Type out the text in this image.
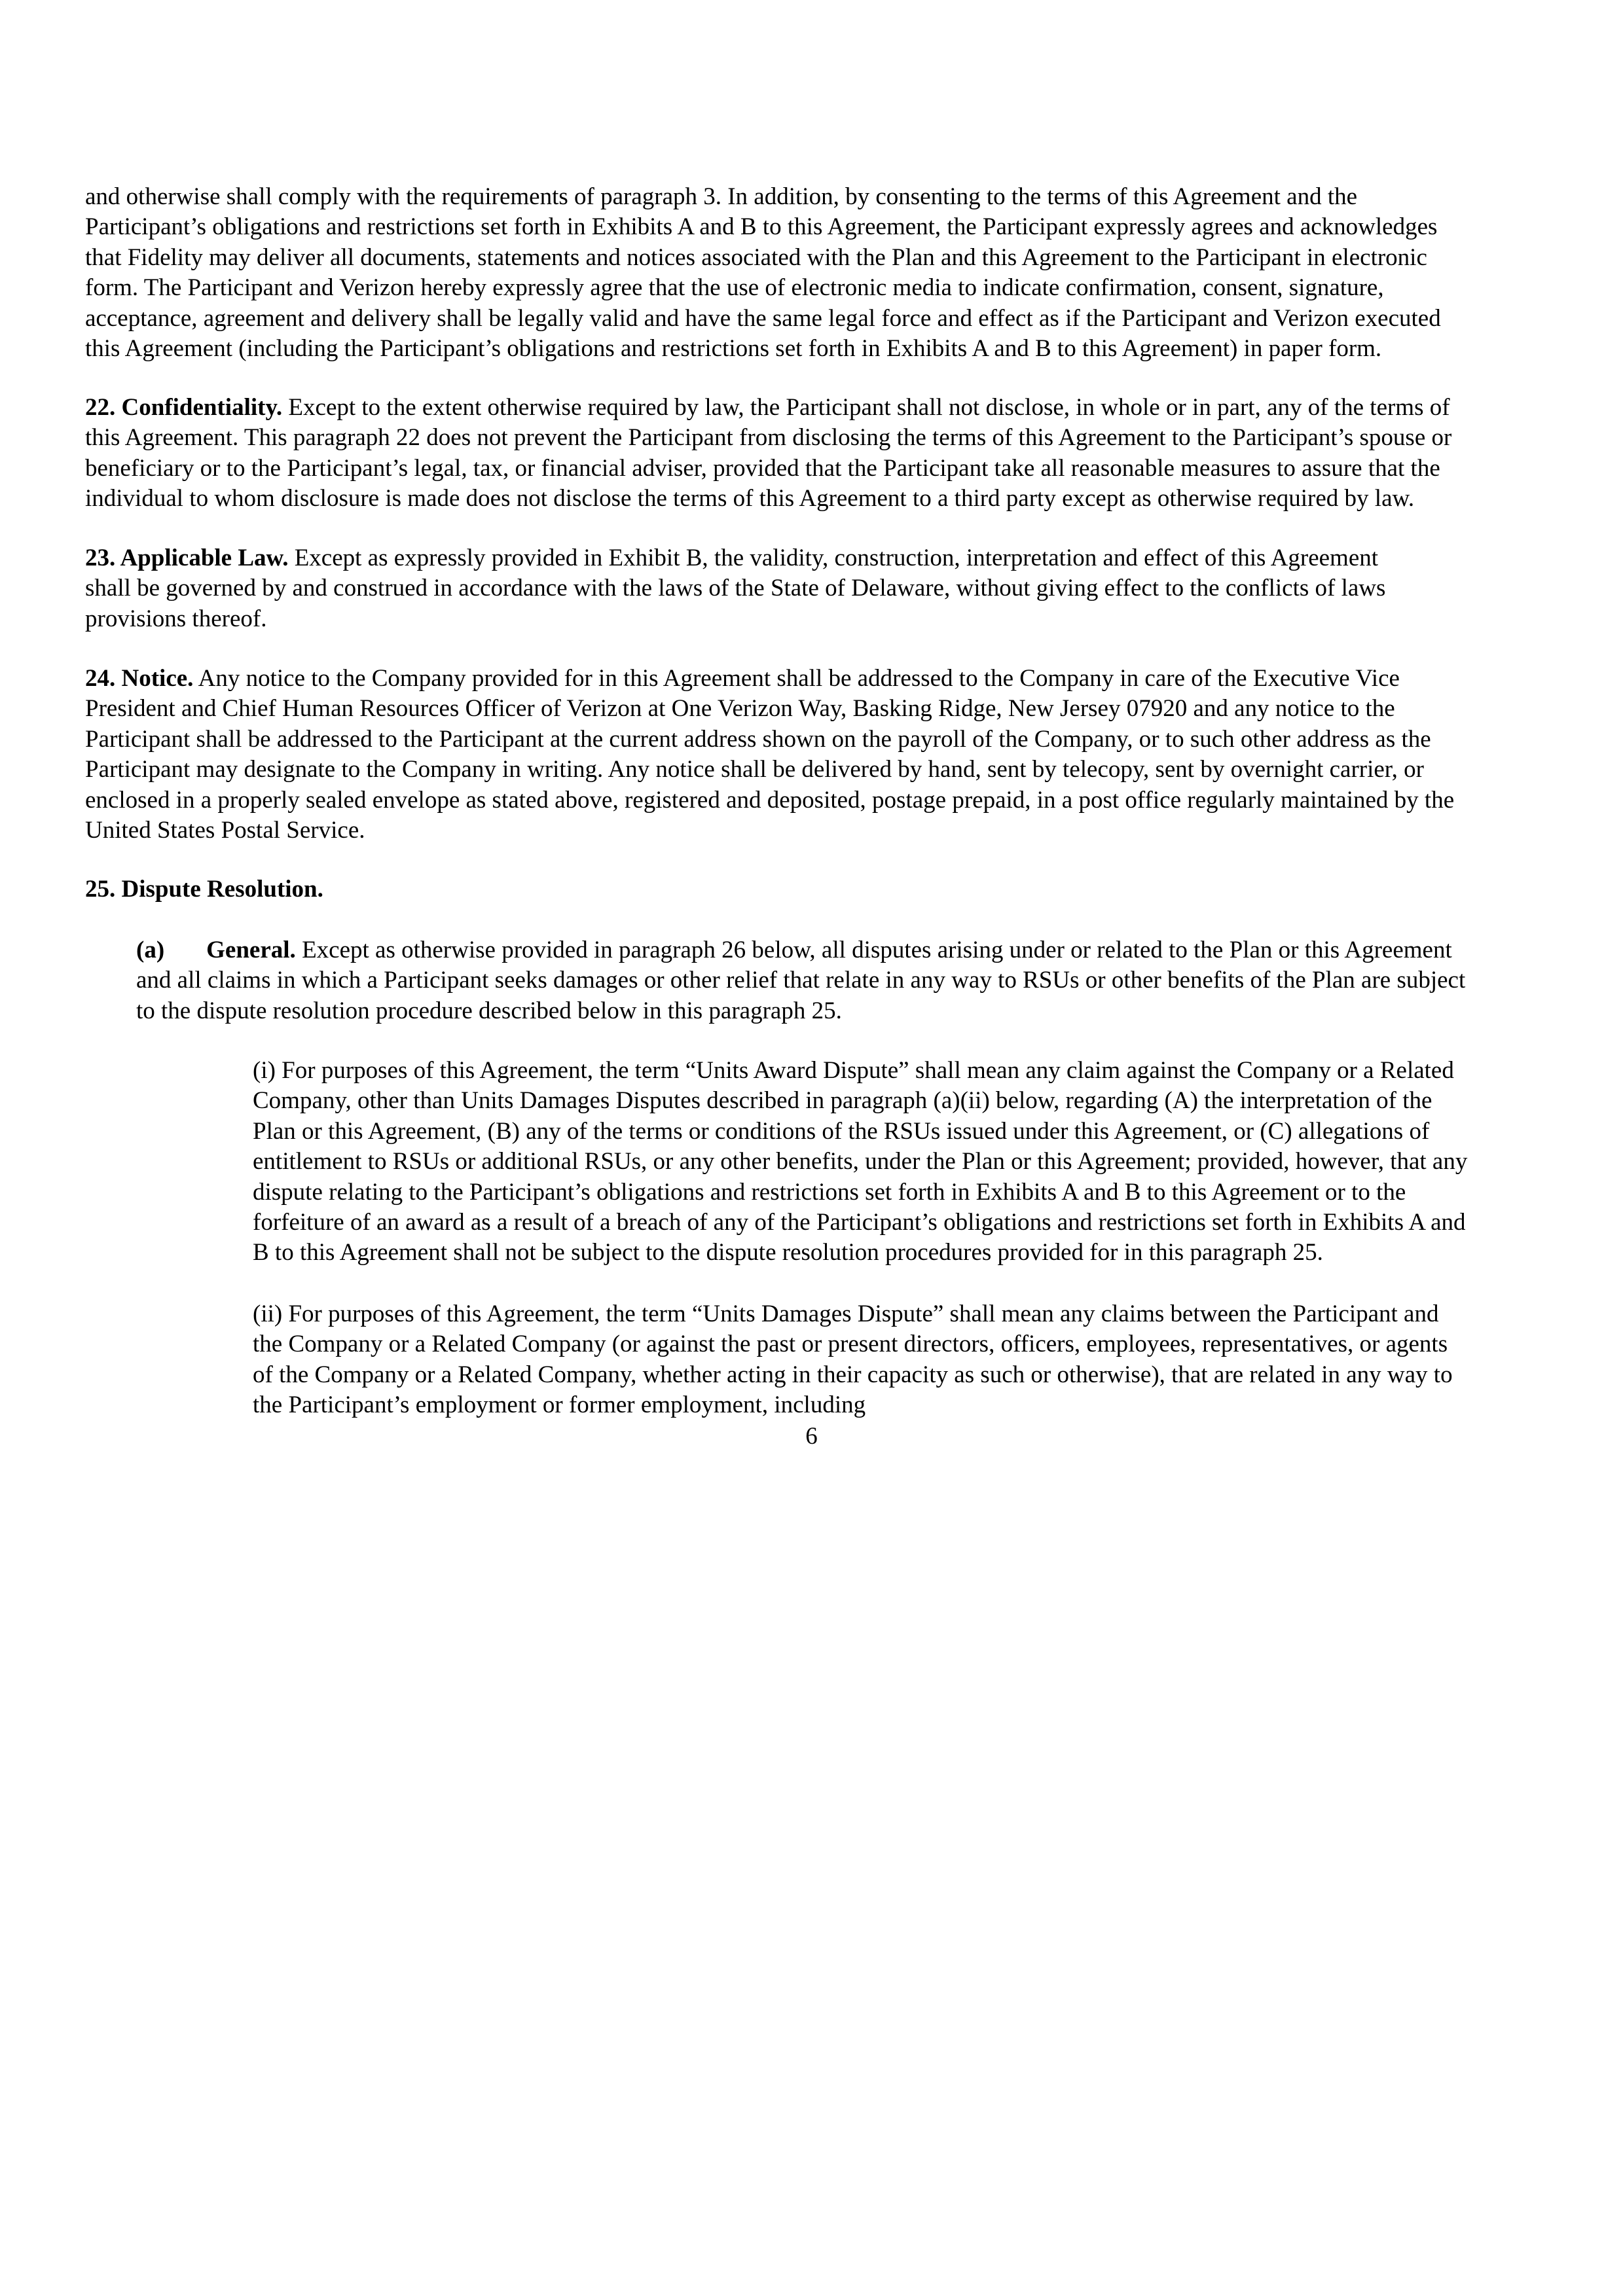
and otherwise shall comply with the requirements of paragraph 3. In addition, by consenting to the terms of this Agreement and the
Participant’s obligations and restrictions set forth in Exhibits A and B to this Agreement, the Participant expressly agrees and acknowledges
that Fidelity may deliver all documents, statements and notices associated with the Plan and this Agreement to the Participant in electronic
form. The Participant and Verizon hereby expressly agree that the use of electronic media to indicate confirmation, consent, signature,
acceptance, agreement and delivery shall be legally valid and have the same legal force and effect as if the Participant and Verizon executed
this Agreement (including the Participant’s obligations and restrictions set forth in Exhibits A and B to this Agreement) in paper form.
22. Confidentiality. Except to the extent otherwise required by law, the Participant shall not disclose, in whole or in part, any of the terms of
this Agreement. This paragraph 22 does not prevent the Participant from disclosing the terms of this Agreement to the Participant’s spouse or
beneficiary or to the Participant’s legal, tax, or financial adviser, provided that the Participant take all reasonable measures to assure that the
individual to whom disclosure is made does not disclose the terms of this Agreement to a third party except as otherwise required by law.
23. Applicable Law. Except as expressly provided in Exhibit B, the validity, construction, interpretation and effect of this Agreement
shall be governed by and construed in accordance with the laws of the State of Delaware, without giving effect to the conflicts of laws
provisions thereof.
24. Notice. Any notice to the Company provided for in this Agreement shall be addressed to the Company in care of the Executive Vice
President and Chief Human Resources Officer of Verizon at One Verizon Way, Basking Ridge, New Jersey 07920 and any notice to the
Participant shall be addressed to the Participant at the current address shown on the payroll of the Company, or to such other address as the
Participant may designate to the Company in writing. Any notice shall be delivered by hand, sent by telecopy, sent by overnight carrier, or
enclosed in a properly sealed envelope as stated above, registered and deposited, postage prepaid, in a post office regularly maintained by the
United States Postal Service.
25. Dispute Resolution.
(a) General. Except as otherwise provided in paragraph 26 below, all disputes arising under or related to the Plan or this Agreement
and all claims in which a Participant seeks damages or other relief that relate in any way to RSUs or other benefits of the Plan are subject
to the dispute resolution procedure described below in this paragraph 25.
(i) For purposes of this Agreement, the term “Units Award Dispute” shall mean any claim against the Company or a Related
Company, other than Units Damages Disputes described in paragraph (a)(ii) below, regarding (A) the interpretation of the
Plan or this Agreement, (B) any of the terms or conditions of the RSUs issued under this Agreement, or (C) allegations of
entitlement to RSUs or additional RSUs, or any other benefits, under the Plan or this Agreement; provided, however, that any
dispute relating to the Participant’s obligations and restrictions set forth in Exhibits A and B to this Agreement or to the
forfeiture of an award as a result of a breach of any of the Participant’s obligations and restrictions set forth in Exhibits A and
B to this Agreement shall not be subject to the dispute resolution procedures provided for in this paragraph 25.
(ii) For purposes of this Agreement, the term “Units Damages Dispute” shall mean any claims between the Participant and
the Company or a Related Company (or against the past or present directors, officers, employees, representatives, or agents
of the Company or a Related Company, whether acting in their capacity as such or otherwise), that are related in any way to
the Participant’s employment or former employment, including
6
